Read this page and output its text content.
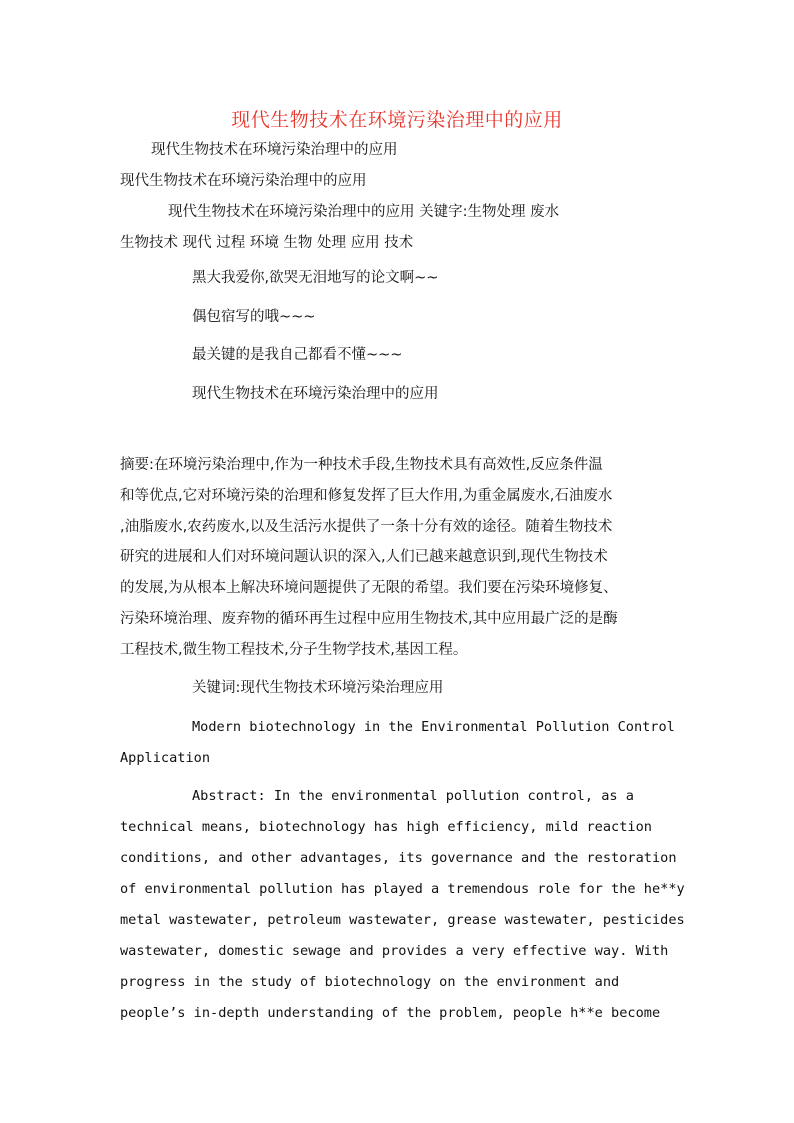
现代生物技术在环境污染治理中的应用
现代生物技术在环境污染治理中的应用
现代生物技术在环境污染治理中的应用
现代生物技术在环境污染治理中的应用 关键字:生物处理 废水
生物技术 现代 过程 环境 生物 处理 应用 技术
黑大我爱你,欲哭无泪地写的论文啊~~
偶包宿写的哦~~~
最关键的是我自己都看不懂~~~
现代生物技术在环境污染治理中的应用
摘要:在环境污染治理中,作为一种技术手段,生物技术具有高效性,反应条件温
和等优点,它对环境污染的治理和修复发挥了巨大作用,为重金属废水,石油废水
,油脂废水,农药废水,以及生活污水提供了一条十分有效的途径。随着生物技术
研究的进展和人们对环境问题认识的深入,人们已越来越意识到,现代生物技术
的发展,为从根本上解决环境问题提供了无限的希望。我们要在污染环境修复、
污染环境治理、废弃物的循环再生过程中应用生物技术,其中应用最广泛的是酶
工程技术,微生物工程技术,分子生物学技术,基因工程。
关键词:现代生物技术环境污染治理应用
Modern biotechnology in the Environmental Pollution Control
Application
Abstract: In the environmental pollution control, as a
technical means, biotechnology has high efficiency, mild reaction
conditions, and other advantages, its governance and the restoration
of environmental pollution has played a tremendous role for the he**y
metal wastewater, petroleum wastewater, grease wastewater, pesticides
wastewater, domestic sewage and provides a very effective way. With
progress in the study of biotechnology on the environment and
people’s in-depth understanding of the problem, people h**e become
